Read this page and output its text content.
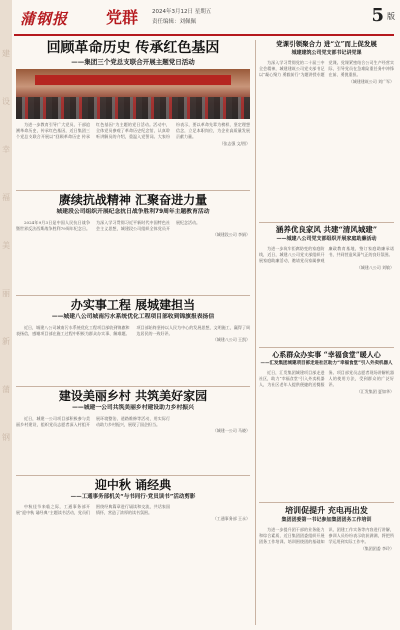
建
设
幸
福
美
丽
新
蒲
钢
蒲钢报 党群	2024年3月12日 星期五
责任编辑：刘佩佩	5 版
回顾革命历史 传承红色基因
——集团三个党总支联合开展主题党日活动

为进一步教育引导广大党员、干部追溯革命历史，传承红色基因，近日集团三个党总支联合开展以“回顾革命历史 传承红色基因”为主题的党日活动。活动中，全体党员参观了革命历史纪念馆，认真聆听讲解员的介绍，重温入党誓词。大家纷纷表示，要以革命先辈为榜样，坚定理想信念，立足本职岗位，为企业高质量发展贡献力量。

（张志强 文/图）
赓续抗战精神 汇聚奋进力量
城建段公司组织开展纪念抗日战争胜利79周年主题教育活动

2024年9月3日是中国人民抗日战争暨世界反法西斯战争胜利79周年纪念日。为深入学习贯彻习近平新时代中国特色社会主义思想，城建段公司组织全体党员开展纪念活动。

（城建段公司 李娟）
办实事工程 展城建担当
——城建八公司城南污水系统优化工程项目部收到锦旗报表扬信

近日，城建八公司城南污水系统优化工程项目部收到锦旗和表扬信，感谢项目部在施工过程中积极为群众办实事、解难题。项目部始终坚持以人民为中心的发展思想，文明施工，赢得了周边居民的一致好评。

（城建八公司 王凯）
建设美丽乡村 共筑美好家园
——城建一公司共筑美丽乡村建设助力乡村振兴

近日，城建一公司项目部积极参与美丽乡村建设，组织党员志愿者深入村组开展环境整治、道路维修等活动，用实际行动助力乡村振兴，展现了国企担当。

（城建一公司 马晓）
迎中秋 诵经典
——工通事务部机关“与书同行·党员读书”活动剪影

中秋佳节来临之际，工通事务部开展“迎中秋 诵经典”主题读书活动，党员们围绕经典篇章进行诵读和交流，共话家国情怀，营造了浓厚的读书氛围。

（工通事务部 王永）
党课引领聚合力 进“立”而上促发展
城建建筑公司党支部书记讲党课

为深入学习贯彻党的二十届三中全会精神，城建建筑公司党支部书记以“凝心聚力 勇毅前行”为题讲授专题党课。党课紧密结合公司生产经营实际，引导党员在急难险重任务中冲锋在前、勇挑重担。

（城建建筑公司 刘广军）
涵养优良家风 共建“清风城建”
——城建八公司党支部组织开展家庭助廉活动

为进一步筑牢拒腐防变的家庭防线，近日，城建八公司党支部组织开展家庭助廉活动，邀请党员家属参观廉政教育基地，签订家庭助廉承诺书，共同营造风清气正的良好氛围。

（城建八公司 刘敏）
心系群众办实事 “幸福食堂”暖人心
——汇发集团城建项目部走进社区助力“幸福食堂”引入外卖机器人

近日，汇发集团城建项目部走进社区，助力“幸福食堂”引入外卖机器人，为社区老年人提供便捷的送餐服务。项目部党员志愿者现场讲解机器人的使用方法，受到群众的广泛好评。

（汇发集团 夏如华）
培训促提升 充电再出发
集团团委第一书记参加集团团务工作培训

为进一步提升团干部的业务能力和综合素质，近日集团团委组织开展团务工作培训。培训围绕团的基础知识、团建工作实务等内容进行讲解，参训人员纷纷表示收获满满，将把所学运用到实际工作中。

（集团团委 李玲）
